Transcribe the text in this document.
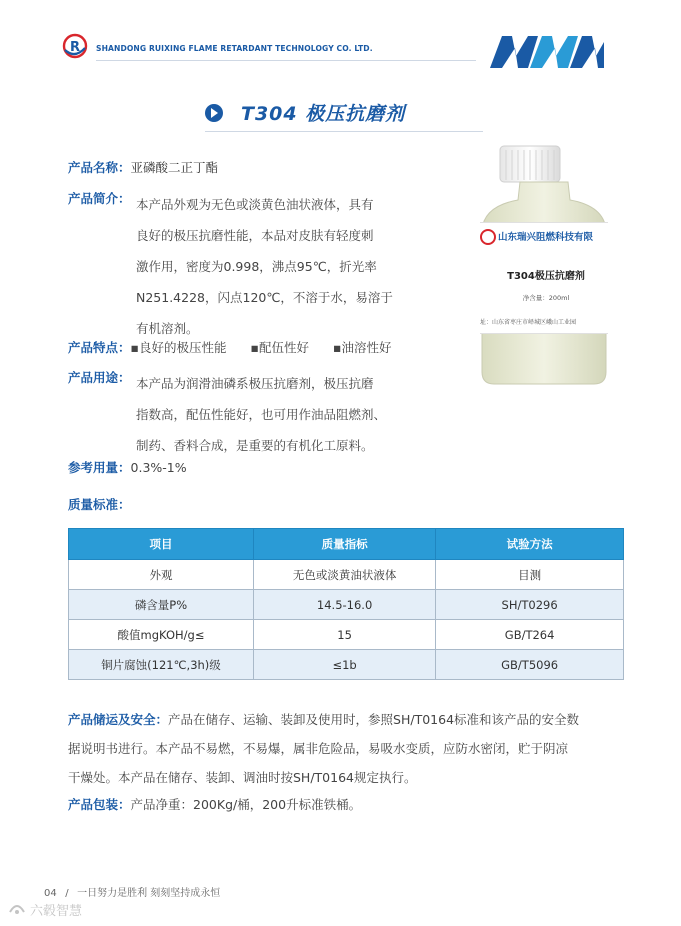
R SHANDONG RUIXING FLAME RETARDANT TECHNOLOGY CO. LTD.
T304 极压抗磨剂
产品名称：亚磷酸二正丁酯
产品简介： 本产品外观为无色或淡黄色油状液体，具有
良好的极压抗磨性能，本品对皮肤有轻度刺
激作用，密度为0.998，沸点95℃，折光率
N251.4228，闪点120℃，不溶于水，易溶于
有机溶剂。
产品特点：▪良好的极压性能 ▪配伍性好 ▪油溶性好
产品用途： 本产品为润滑油磷系极压抗磨剂，极压抗磨
指数高，配伍性能好，也可用作油品阻燃剂、
制药、香料合成，是重要的有机化工原料。
参考用量：0.3%-1%
山东瑞兴阻燃科技有限
T304极压抗磨剂
净含量：200ml
址：山东省枣庄市峄城区峨山工业园
质量标准：
项目	质量指标	试验方法
外观	无色或淡黄油状液体	目测
磷含量P%	14.5-16.0	SH/T0296
酸值mgKOH/g≤	15	GB/T264
铜片腐蚀(121℃,3h)级	≤1b	GB/T5096
产品储运及安全：产品在储存、运输、装卸及使用时，参照SH/T0164标准和该产品的安全数
据说明书进行。本产品不易燃，不易爆，属非危险品，易吸水变质，应防水密闭，贮于阴凉
干燥处。本产品在储存、装卸、调油时按SH/T0164规定执行。
产品包装：产品净重：200Kg/桶，200升标准铁桶。
04 / 一日努力是胜利 刻刻坚持成永恒
六毂智慧
